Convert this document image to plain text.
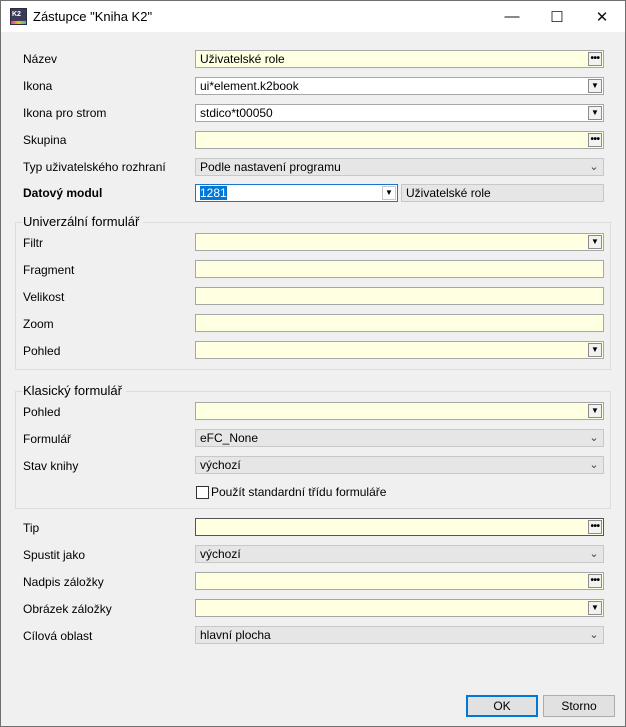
K2 Zástupce "Kniha K2"	— ☐ ✕
Název	Uživatelské role	•••
Ikona	ui*element.k2book	▼
Ikona pro strom	stdico*t00050	▼
Skupina	•••
Typ uživatelského rozhraní	Podle nastavení programu	⌄
Datový modul	1281	▼	Uživatelské role
Univerzální formulář
Filtr	▼
Fragment
Velikost
Zoom
Pohled	▼
Klasický formulář
Pohled	▼
Formulář	eFC_None	⌄
Stav knihy	výchozí	⌄
Použít standardní třídu formuláře
Tip	•••
Spustit jako	výchozí	⌄
Nadpis záložky	•••
Obrázek záložky	▼
Cílová oblast	hlavní plocha	⌄
OK	Storno
